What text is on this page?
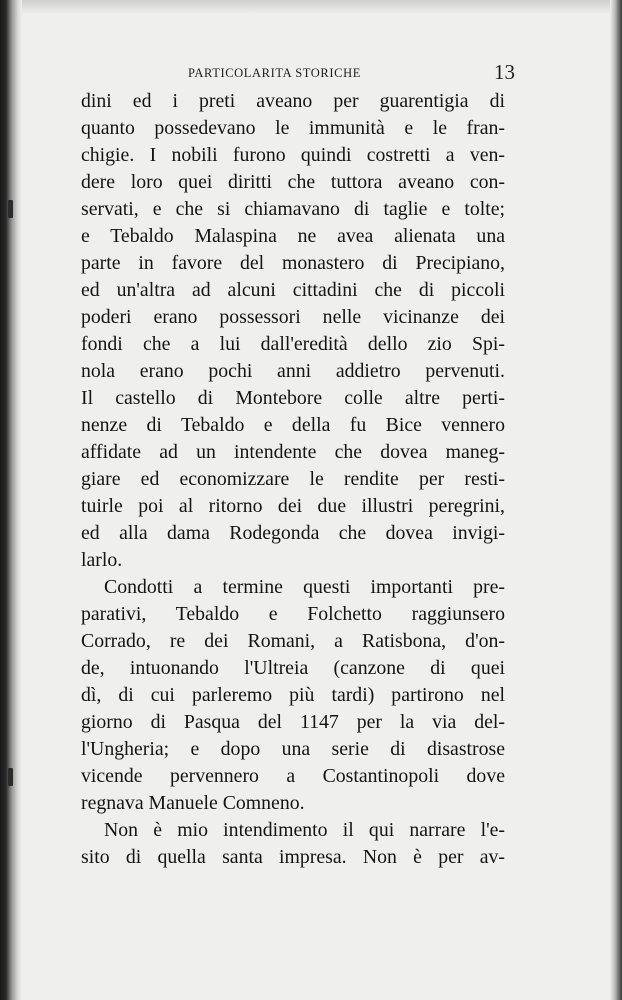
PARTICOLARITA STORICHE	13
dini ed i preti aveano per guarentigia di
quanto possedevano le immunità e le fran-
chigie. I nobili furono quindi costretti a ven-
dere loro quei diritti che tuttora aveano con-
servati, e che si chiamavano di taglie e tolte;
e Tebaldo Malaspina ne avea alienata una
parte in favore del monastero di Precipiano,
ed un'altra ad alcuni cittadini che di piccoli
poderi erano possessori nelle vicinanze dei
fondi che a lui dall'eredità dello zio Spi-
nola erano pochi anni addietro pervenuti.
Il castello di Montebore colle altre perti-
nenze di Tebaldo e della fu Bice vennero
affidate ad un intendente che dovea maneg-
giare ed economizzare le rendite per resti-
tuirle poi al ritorno dei due illustri peregrini,
ed alla dama Rodegonda che dovea invigi-
larlo.
Condotti a termine questi importanti pre-
parativi, Tebaldo e Folchetto raggiunsero
Corrado, re dei Romani, a Ratisbona, d'on-
de, intuonando l'Ultreia (canzone di quei
dì, di cui parleremo più tardi) partirono nel
giorno di Pasqua del 1147 per la via del-
l'Ungheria; e dopo una serie di disastrose
vicende pervennero a Costantinopoli dove
regnava Manuele Comneno.
Non è mio intendimento il qui narrare l'e-
sito di quella santa impresa. Non è per av-
